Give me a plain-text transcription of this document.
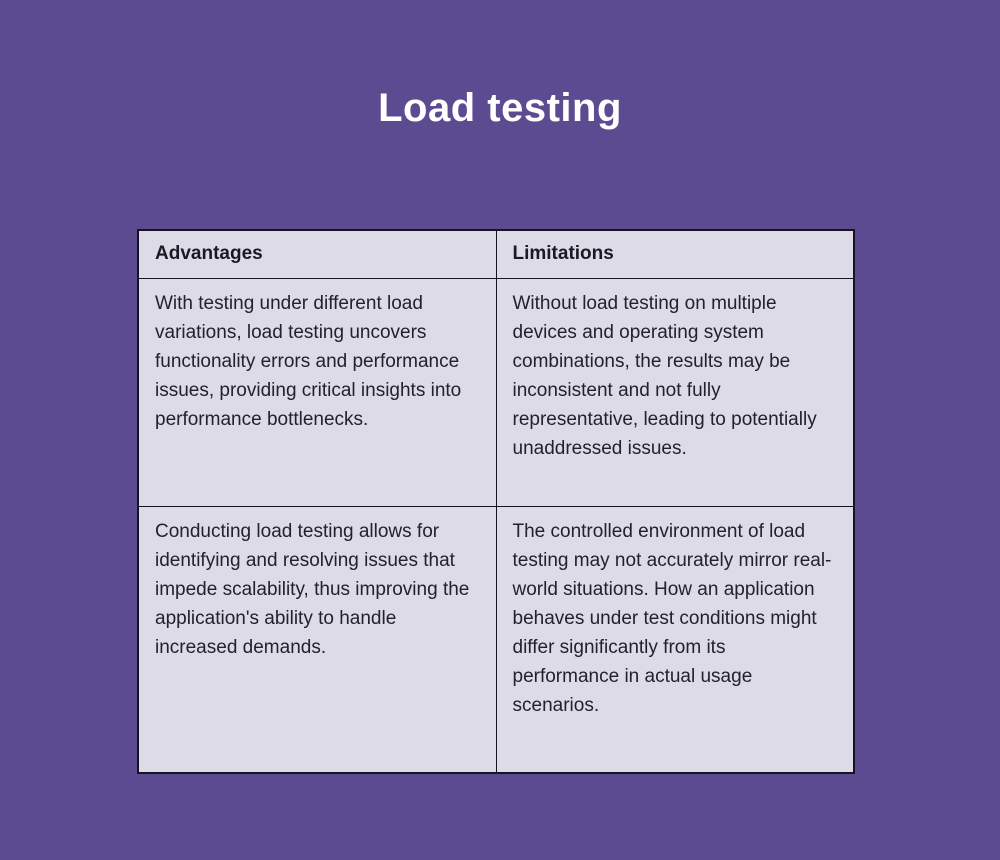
Load testing
Advantages	Limitations
With testing under different load variations, load testing uncovers functionality errors and performance issues, providing critical insights into performance bottlenecks.	Without load testing on multiple devices and operating system combinations, the results may be inconsistent and not fully representative, leading to potentially unaddressed issues.
Conducting load testing allows for identifying and resolving issues that impede scalability, thus improving the application's ability to handle increased demands.	The controlled environment of load testing may not accurately mirror real-world situations. How an application behaves under test conditions might differ significantly from its performance in actual usage scenarios.
